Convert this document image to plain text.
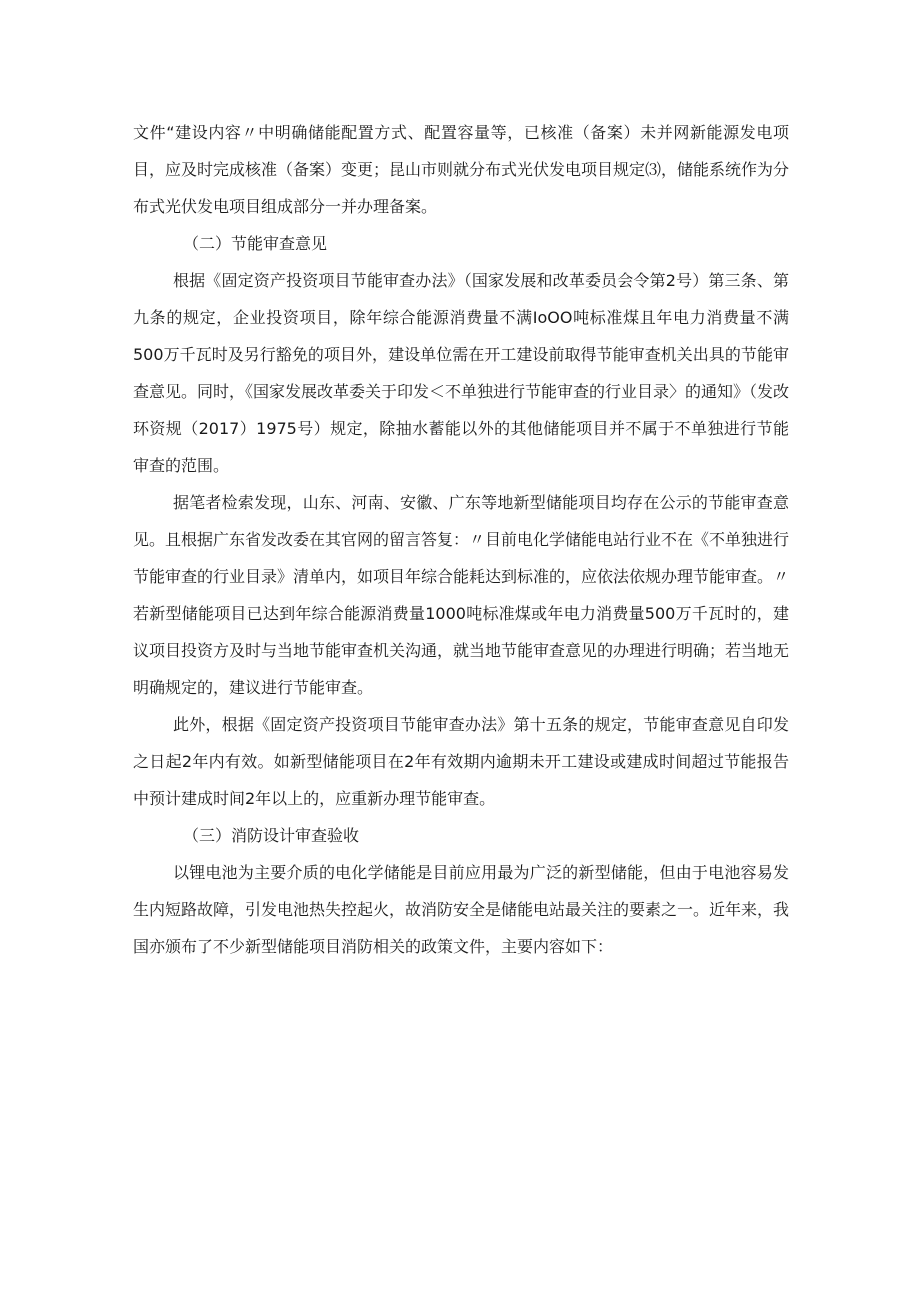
文件“建设内容〃中明确储能配置方式、配置容量等，已核准（备案）未并网新能源发电项目，应及时完成核准（备案）变更；昆山市则就分布式光伏发电项目规定⑶，储能系统作为分布式光伏发电项目组成部分一并办理备案。

（二）节能审查意见

根据《固定资产投资项目节能审查办法》（国家发展和改革委员会令第2号）第三条、第九条的规定，企业投资项目，除年综合能源消费量不满IoOO吨标准煤且年电力消费量不满500万千瓦时及另行豁免的项目外，建设单位需在开工建设前取得节能审查机关出具的节能审查意见。同时，《国家发展改革委关于印发＜不单独进行节能审查的行业目录〉的通知》（发改环资规（2017）1975号）规定，除抽水蓄能以外的其他储能项目并不属于不单独进行节能审查的范围。

据笔者检索发现，山东、河南、安徽、广东等地新型储能项目均存在公示的节能审查意见。且根据广东省发改委在其官网的留言答复：〃目前电化学储能电站行业不在《不单独进行节能审查的行业目录》清单内，如项目年综合能耗达到标准的，应依法依规办理节能审查。〃若新型储能项目已达到年综合能源消费量1000吨标准煤或年电力消费量500万千瓦时的，建议项目投资方及时与当地节能审查机关沟通，就当地节能审查意见的办理进行明确；若当地无明确规定的，建议进行节能审查。

此外，根据《固定资产投资项目节能审查办法》第十五条的规定，节能审查意见自印发之日起2年内有效。如新型储能项目在2年有效期内逾期未开工建设或建成时间超过节能报告中预计建成时间2年以上的，应重新办理节能审查。

（三）消防设计审查验收

以锂电池为主要介质的电化学储能是目前应用最为广泛的新型储能，但由于电池容易发生内短路故障，引发电池热失控起火，故消防安全是储能电站最关注的要素之一。近年来，我国亦颁布了不少新型储能项目消防相关的政策文件，主要内容如下：
